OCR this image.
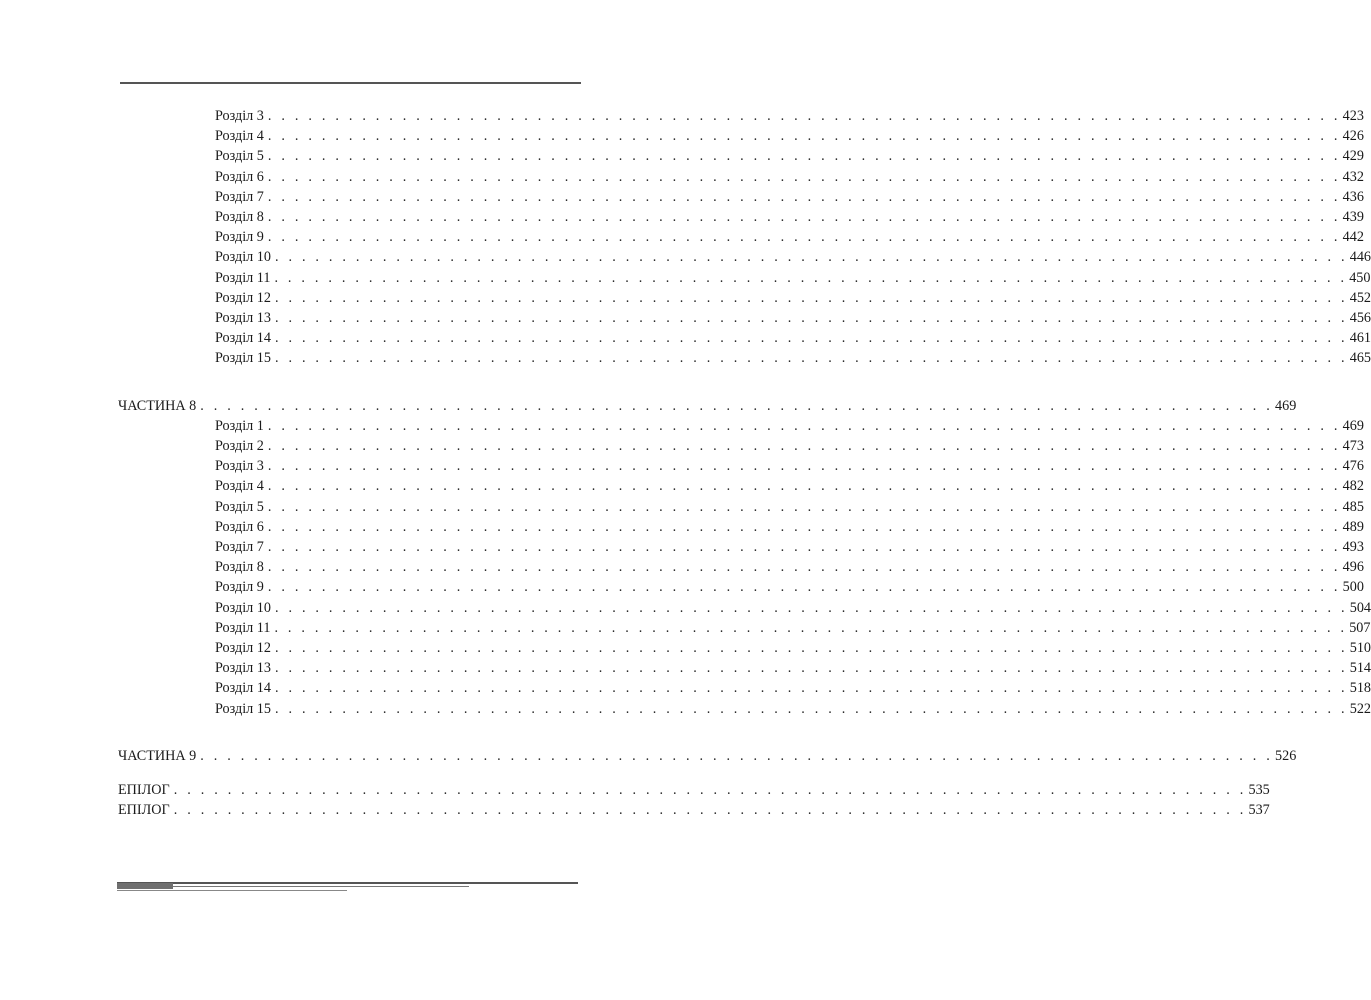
Розділ 3 . . . . . . . . . . . . . . . . . . . . . . . . . . . . . . . . . . . . . . . . . . . . . . . . . . . . . . . . . . . . . . . . . . . . . . . . . . . . . . . . 423
Розділ 4 . . . . . . . . . . . . . . . . . . . . . . . . . . . . . . . . . . . . . . . . . . . . . . . . . . . . . . . . . . . . . . . . . . . . . . . . . . . . . . . . 426
Розділ 5 . . . . . . . . . . . . . . . . . . . . . . . . . . . . . . . . . . . . . . . . . . . . . . . . . . . . . . . . . . . . . . . . . . . . . . . . . . . . . . . . 429
Розділ 6 . . . . . . . . . . . . . . . . . . . . . . . . . . . . . . . . . . . . . . . . . . . . . . . . . . . . . . . . . . . . . . . . . . . . . . . . . . . . . . . . 432
Розділ 7 . . . . . . . . . . . . . . . . . . . . . . . . . . . . . . . . . . . . . . . . . . . . . . . . . . . . . . . . . . . . . . . . . . . . . . . . . . . . . . . . 436
Розділ 8 . . . . . . . . . . . . . . . . . . . . . . . . . . . . . . . . . . . . . . . . . . . . . . . . . . . . . . . . . . . . . . . . . . . . . . . . . . . . . . . . 439
Розділ 9 . . . . . . . . . . . . . . . . . . . . . . . . . . . . . . . . . . . . . . . . . . . . . . . . . . . . . . . . . . . . . . . . . . . . . . . . . . . . . . . . 442
Розділ 10 . . . . . . . . . . . . . . . . . . . . . . . . . . . . . . . . . . . . . . . . . . . . . . . . . . . . . . . . . . . . . . . . . . . . . . . . . . . . . . . . 446
Розділ 11 . . . . . . . . . . . . . . . . . . . . . . . . . . . . . . . . . . . . . . . . . . . . . . . . . . . . . . . . . . . . . . . . . . . . . . . . . . . . . . . . 450
Розділ 12 . . . . . . . . . . . . . . . . . . . . . . . . . . . . . . . . . . . . . . . . . . . . . . . . . . . . . . . . . . . . . . . . . . . . . . . . . . . . . . . . 452
Розділ 13 . . . . . . . . . . . . . . . . . . . . . . . . . . . . . . . . . . . . . . . . . . . . . . . . . . . . . . . . . . . . . . . . . . . . . . . . . . . . . . . . 456
Розділ 14 . . . . . . . . . . . . . . . . . . . . . . . . . . . . . . . . . . . . . . . . . . . . . . . . . . . . . . . . . . . . . . . . . . . . . . . . . . . . . . . . 461
Розділ 15 . . . . . . . . . . . . . . . . . . . . . . . . . . . . . . . . . . . . . . . . . . . . . . . . . . . . . . . . . . . . . . . . . . . . . . . . . . . . . . . . 465
ЧАСТИНА 8 . . . . . . . . . . . . . . . . . . . . . . . . . . . . . . . . . . . . . . . . . . . . . . . . . . . . . . . . . . . . . . . . . . . . . . . . . . . . . . . . 469
Розділ 1 . . . . . . . . . . . . . . . . . . . . . . . . . . . . . . . . . . . . . . . . . . . . . . . . . . . . . . . . . . . . . . . . . . . . . . . . . . . . . . . . 469
Розділ 2 . . . . . . . . . . . . . . . . . . . . . . . . . . . . . . . . . . . . . . . . . . . . . . . . . . . . . . . . . . . . . . . . . . . . . . . . . . . . . . . . 473
Розділ 3 . . . . . . . . . . . . . . . . . . . . . . . . . . . . . . . . . . . . . . . . . . . . . . . . . . . . . . . . . . . . . . . . . . . . . . . . . . . . . . . . 476
Розділ 4 . . . . . . . . . . . . . . . . . . . . . . . . . . . . . . . . . . . . . . . . . . . . . . . . . . . . . . . . . . . . . . . . . . . . . . . . . . . . . . . . 482
Розділ 5 . . . . . . . . . . . . . . . . . . . . . . . . . . . . . . . . . . . . . . . . . . . . . . . . . . . . . . . . . . . . . . . . . . . . . . . . . . . . . . . . 485
Розділ 6 . . . . . . . . . . . . . . . . . . . . . . . . . . . . . . . . . . . . . . . . . . . . . . . . . . . . . . . . . . . . . . . . . . . . . . . . . . . . . . . . 489
Розділ 7 . . . . . . . . . . . . . . . . . . . . . . . . . . . . . . . . . . . . . . . . . . . . . . . . . . . . . . . . . . . . . . . . . . . . . . . . . . . . . . . . 493
Розділ 8 . . . . . . . . . . . . . . . . . . . . . . . . . . . . . . . . . . . . . . . . . . . . . . . . . . . . . . . . . . . . . . . . . . . . . . . . . . . . . . . . 496
Розділ 9 . . . . . . . . . . . . . . . . . . . . . . . . . . . . . . . . . . . . . . . . . . . . . . . . . . . . . . . . . . . . . . . . . . . . . . . . . . . . . . . . 500
Розділ 10 . . . . . . . . . . . . . . . . . . . . . . . . . . . . . . . . . . . . . . . . . . . . . . . . . . . . . . . . . . . . . . . . . . . . . . . . . . . . . . . . 504
Розділ 11 . . . . . . . . . . . . . . . . . . . . . . . . . . . . . . . . . . . . . . . . . . . . . . . . . . . . . . . . . . . . . . . . . . . . . . . . . . . . . . . . 507
Розділ 12 . . . . . . . . . . . . . . . . . . . . . . . . . . . . . . . . . . . . . . . . . . . . . . . . . . . . . . . . . . . . . . . . . . . . . . . . . . . . . . . . 510
Розділ 13 . . . . . . . . . . . . . . . . . . . . . . . . . . . . . . . . . . . . . . . . . . . . . . . . . . . . . . . . . . . . . . . . . . . . . . . . . . . . . . . . 514
Розділ 14 . . . . . . . . . . . . . . . . . . . . . . . . . . . . . . . . . . . . . . . . . . . . . . . . . . . . . . . . . . . . . . . . . . . . . . . . . . . . . . . . 518
Розділ 15 . . . . . . . . . . . . . . . . . . . . . . . . . . . . . . . . . . . . . . . . . . . . . . . . . . . . . . . . . . . . . . . . . . . . . . . . . . . . . . . . 522
ЧАСТИНА 9 . . . . . . . . . . . . . . . . . . . . . . . . . . . . . . . . . . . . . . . . . . . . . . . . . . . . . . . . . . . . . . . . . . . . . . . . . . . . . . . . 526
ЕПІЛОГ . . . . . . . . . . . . . . . . . . . . . . . . . . . . . . . . . . . . . . . . . . . . . . . . . . . . . . . . . . . . . . . . . . . . . . . . . . . . . . . . 535
ЕПІЛОГ . . . . . . . . . . . . . . . . . . . . . . . . . . . . . . . . . . . . . . . . . . . . . . . . . . . . . . . . . . . . . . . . . . . . . . . . . . . . . . . . 537
